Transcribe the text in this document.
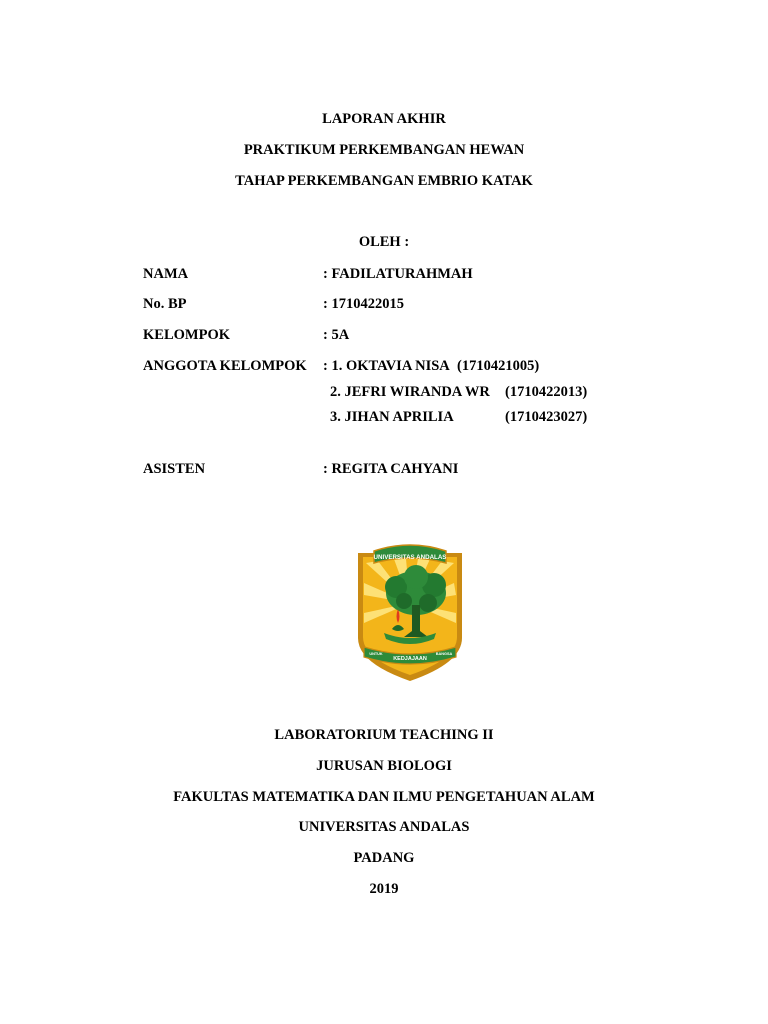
LAPORAN AKHIR
PRAKTIKUM PERKEMBANGAN HEWAN
TAHAP PERKEMBANGAN EMBRIO KATAK
OLEH :
NAMA	: FADILATURAHMAH
No. BP	: 1710422015
KELOMPOK	: 5A
ANGGOTA KELOMPOK : 1. OKTAVIA NISA (1710421005)
2. JEFRI WIRANDA WR (1710422013)
3. JIHAN APRILIA	(1710423027)
ASISTEN	: REGITA CAHYANI
UNIVERSITAS ANDALAS
KEDJAJAAN
UNTUK	BANGSA
LABORATORIUM TEACHING II
JURUSAN BIOLOGI
FAKULTAS MATEMATIKA DAN ILMU PENGETAHUAN ALAM
UNIVERSITAS ANDALAS
PADANG
2019
